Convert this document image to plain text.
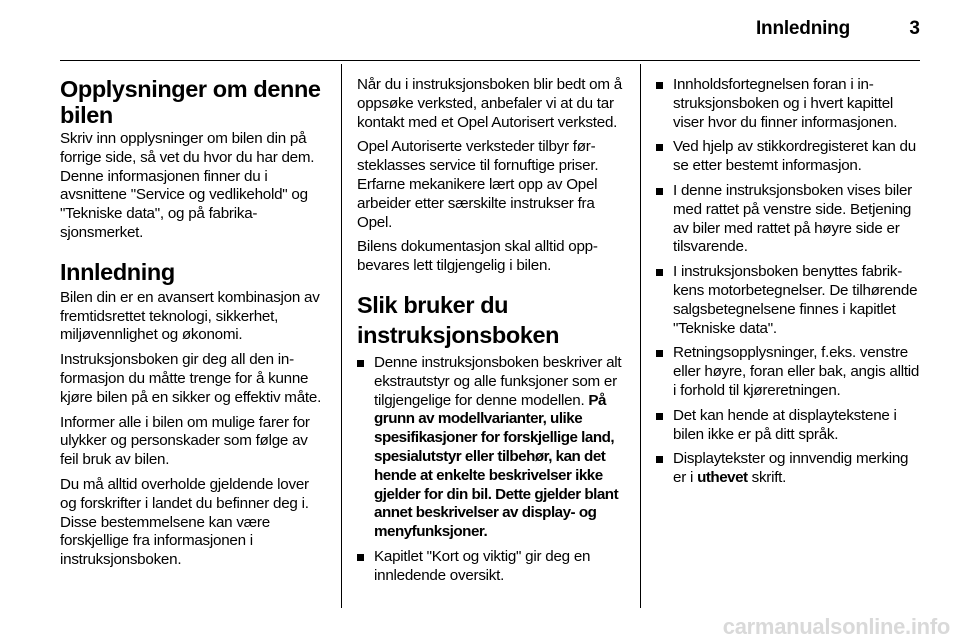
Innledning	3
Opplysninger om denne bilen

Skriv inn opplysninger om bilen din på forrige side, så vet du hvor du har dem. Denne informasjonen finner du i avsnittene "Service og vedlikehold" og "Tekniske data", og på fabrikasjonsmerket.

Innledning

Bilen din er en avansert kombinasjon av fremtidsrettet teknologi, sikkerhet, miljøvennlighet og økonomi.

Instruksjonsboken gir deg all den informasjon du måtte trenge for å kunne kjøre bilen på en sikker og effektiv måte.

Informer alle i bilen om mulige farer for ulykker og personskader som følge av feil bruk av bilen.

Du må alltid overholde gjeldende lover og forskrifter i landet du befinner deg i. Disse bestemmelsene kan være forskjellige fra informasjonen i instruksjonsboken.

Når du i instruksjonsboken blir bedt om å oppsøke verksted, anbefaler vi at du tar kontakt med et Opel Autorisert verksted.

Opel Autoriserte verksteder tilbyr førsteklasses service til fornuftige priser. Erfarne mekanikere lært opp av Opel arbeider etter særskilte instrukser fra Opel.

Bilens dokumentasjon skal alltid oppbevares lett tilgjengelig i bilen.

Slik bruker du instruksjonsboken
Denne instruksjonsboken beskriver alt ekstrautstyr og alle funksjoner som er tilgjengelige for denne modellen. På grunn av modellvarianter, ulike spesifikasjoner for forskjellige land, spesialutstyr eller tilbehør, kan det hende at enkelte beskrivelser ikke gjelder for din bil. Dette gjelder blant annet beskrivelser av display- og menyfunksjoner.
Kapitlet "Kort og viktig" gir deg en innledende oversikt.
Innholdsfortegnelsen foran i instruksjonsboken og i hvert kapittel viser hvor du finner informasjonen.
Ved hjelp av stikkordregisteret kan du se etter bestemt informasjon.
I denne instruksjonsboken vises biler med rattet på venstre side. Betjening av biler med rattet på høyre side er tilsvarende.
I instruksjonsboken benyttes fabrikkens motorbetegnelser. De tilhørende salgsbetegnelsene finnes i kapitlet "Tekniske data".
Retningsopplysninger, f.eks. venstre eller høyre, foran eller bak, angis alltid i forhold til kjøreretningen.
Det kan hende at displaytekstene i bilen ikke er på ditt språk.
Displaytekster og innvendig merking er i uthevet skrift.
carmanualsonline.info
